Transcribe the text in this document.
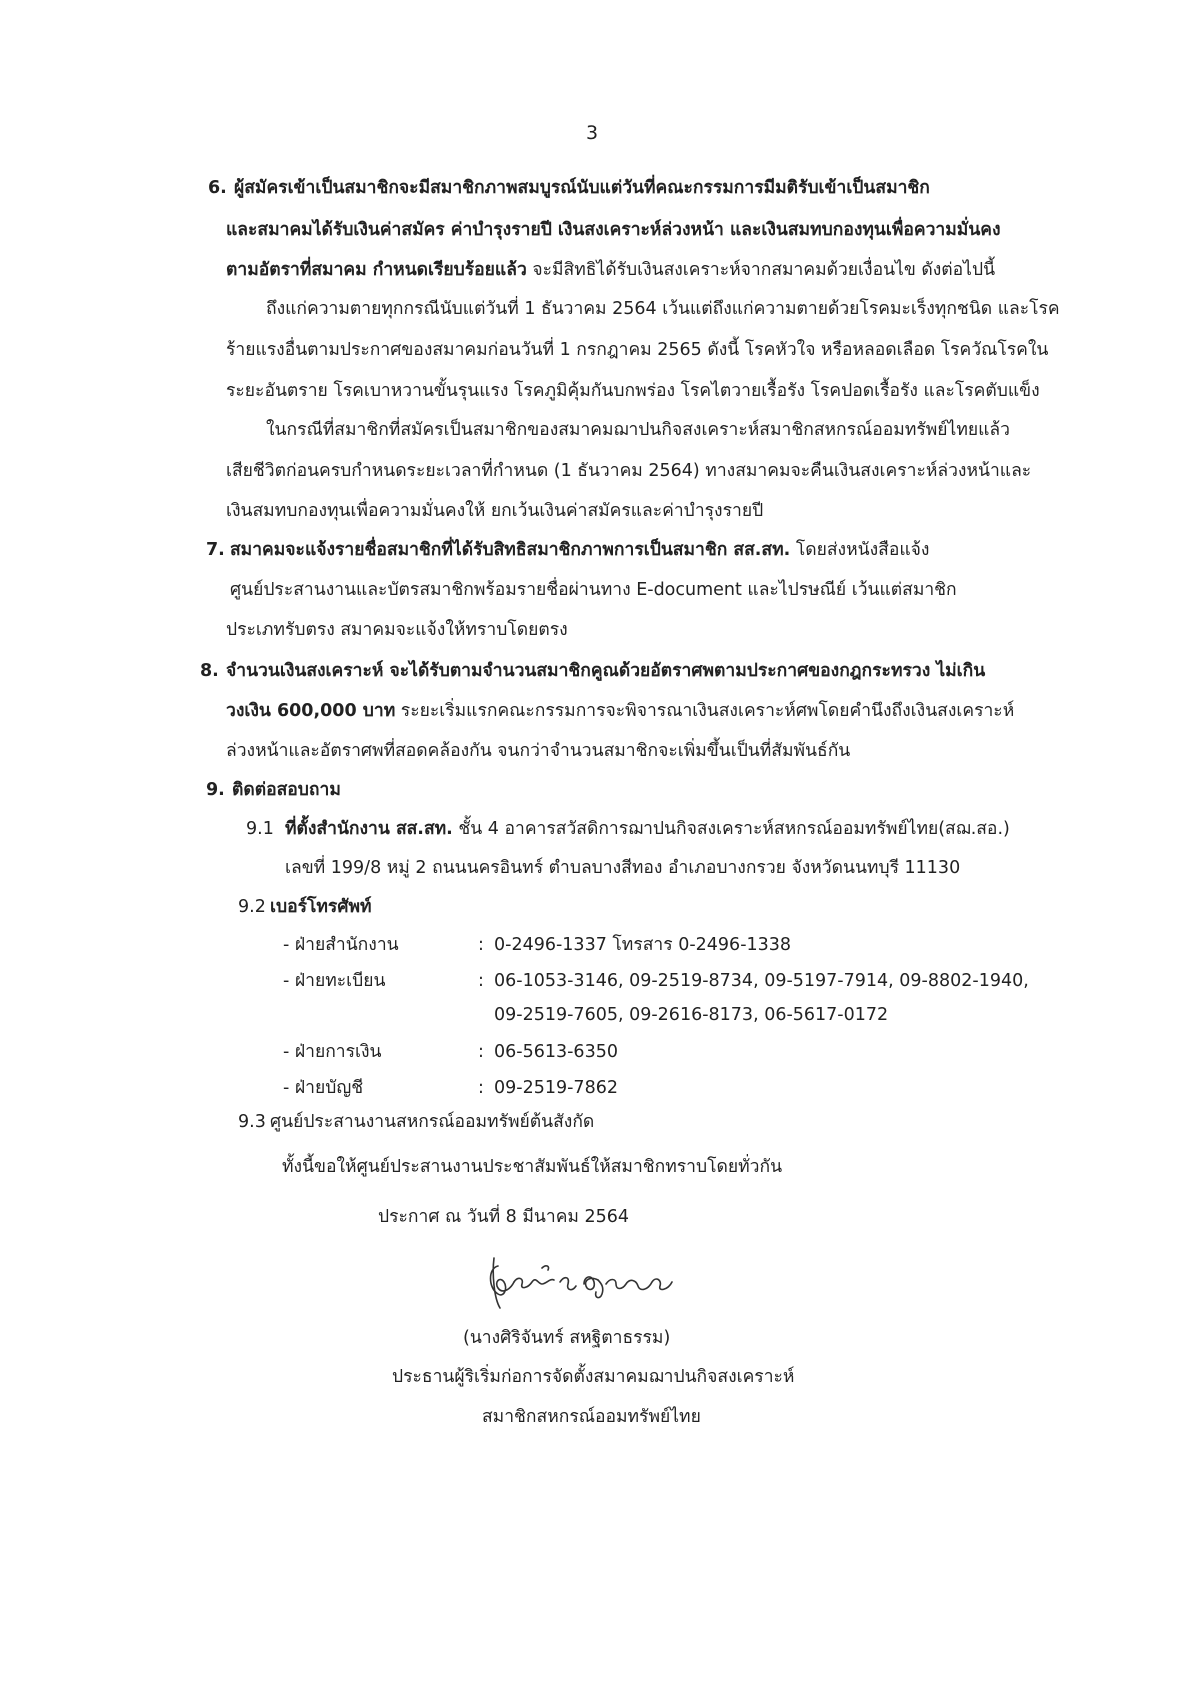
3
6. ผู้สมัครเข้าเป็นสมาชิกจะมีสมาชิกภาพสมบูรณ์นับแต่วันที่คณะกรรมการมีมติรับเข้าเป็นสมาชิก
และสมาคมได้รับเงินค่าสมัคร ค่าบำรุงรายปี เงินสงเคราะห์ล่วงหน้า และเงินสมทบกองทุนเพื่อความมั่นคง
ตามอัตราที่สมาคม กำหนดเรียบร้อยแล้ว จะมีสิทธิได้รับเงินสงเคราะห์จากสมาคมด้วยเงื่อนไข ดังต่อไปนี้
ถึงแก่ความตายทุกกรณีนับแต่วันที่ 1 ธันวาคม 2564 เว้นแต่ถึงแก่ความตายด้วยโรคมะเร็งทุกชนิด และโรค
ร้ายแรงอื่นตามประกาศของสมาคมก่อนวันที่ 1 กรกฎาคม 2565 ดังนี้ โรคหัวใจ หรือหลอดเลือด โรควัณโรคใน
ระยะอันตราย โรคเบาหวานขั้นรุนแรง โรคภูมิคุ้มกันบกพร่อง โรคไตวายเรื้อรัง โรคปอดเรื้อรัง และโรคตับแข็ง
ในกรณีที่สมาชิกที่สมัครเป็นสมาชิกของสมาคมฌาปนกิจสงเคราะห์สมาชิกสหกรณ์ออมทรัพย์ไทยแล้ว
เสียชีวิตก่อนครบกำหนดระยะเวลาที่กำหนด (1 ธันวาคม 2564) ทางสมาคมจะคืนเงินสงเคราะห์ล่วงหน้าและ
เงินสมทบกองทุนเพื่อความมั่นคงให้ ยกเว้นเงินค่าสมัครและค่าบำรุงรายปี
7. สมาคมจะแจ้งรายชื่อสมาชิกที่ได้รับสิทธิสมาชิกภาพการเป็นสมาชิก สส.สท. โดยส่งหนังสือแจ้ง
ศูนย์ประสานงานและบัตรสมาชิกพร้อมรายชื่อผ่านทาง E-document และไปรษณีย์ เว้นแต่สมาชิก
ประเภทรับตรง สมาคมจะแจ้งให้ทราบโดยตรง
8. จำนวนเงินสงเคราะห์ จะได้รับตามจำนวนสมาชิกคูณด้วยอัตราศพตามประกาศของกฎกระทรวง ไม่เกิน
วงเงิน 600,000 บาท ระยะเริ่มแรกคณะกรรมการจะพิจารณาเงินสงเคราะห์ศพโดยคำนึงถึงเงินสงเคราะห์
ล่วงหน้าและอัตราศพที่สอดคล้องกัน จนกว่าจำนวนสมาชิกจะเพิ่มขึ้นเป็นที่สัมพันธ์กัน
9. ติดต่อสอบถาม
9.1 ที่ตั้งสำนักงาน สส.สท. ชั้น 4 อาคารสวัสดิการฌาปนกิจสงเคราะห์สหกรณ์ออมทรัพย์ไทย(สฌ.สอ.)
เลขที่ 199/8 หมู่ 2 ถนนนครอินทร์ ตำบลบางสีทอง อำเภอบางกรวย จังหวัดนนทบุรี 11130
9.2 เบอร์โทรศัพท์
- ฝ่ายสำนักงาน	: 0-2496-1337 โทรสาร 0-2496-1338
- ฝ่ายทะเบียน	: 06-1053-3146, 09-2519-8734, 09-5197-7914, 09-8802-1940,
09-2519-7605, 09-2616-8173, 06-5617-0172
- ฝ่ายการเงิน	: 06-5613-6350
- ฝ่ายบัญชี	: 09-2519-7862
9.3 ศูนย์ประสานงานสหกรณ์ออมทรัพย์ต้นสังกัด
ทั้งนี้ขอให้ศูนย์ประสานงานประชาสัมพันธ์ให้สมาชิกทราบโดยทั่วกัน
ประกาศ ณ วันที่ 8 มีนาคม 2564
(นางศิริจันทร์ สหฐิตาธรรม)
ประธานผู้ริเริ่มก่อการจัดตั้งสมาคมฌาปนกิจสงเคราะห์
สมาชิกสหกรณ์ออมทรัพย์ไทย
